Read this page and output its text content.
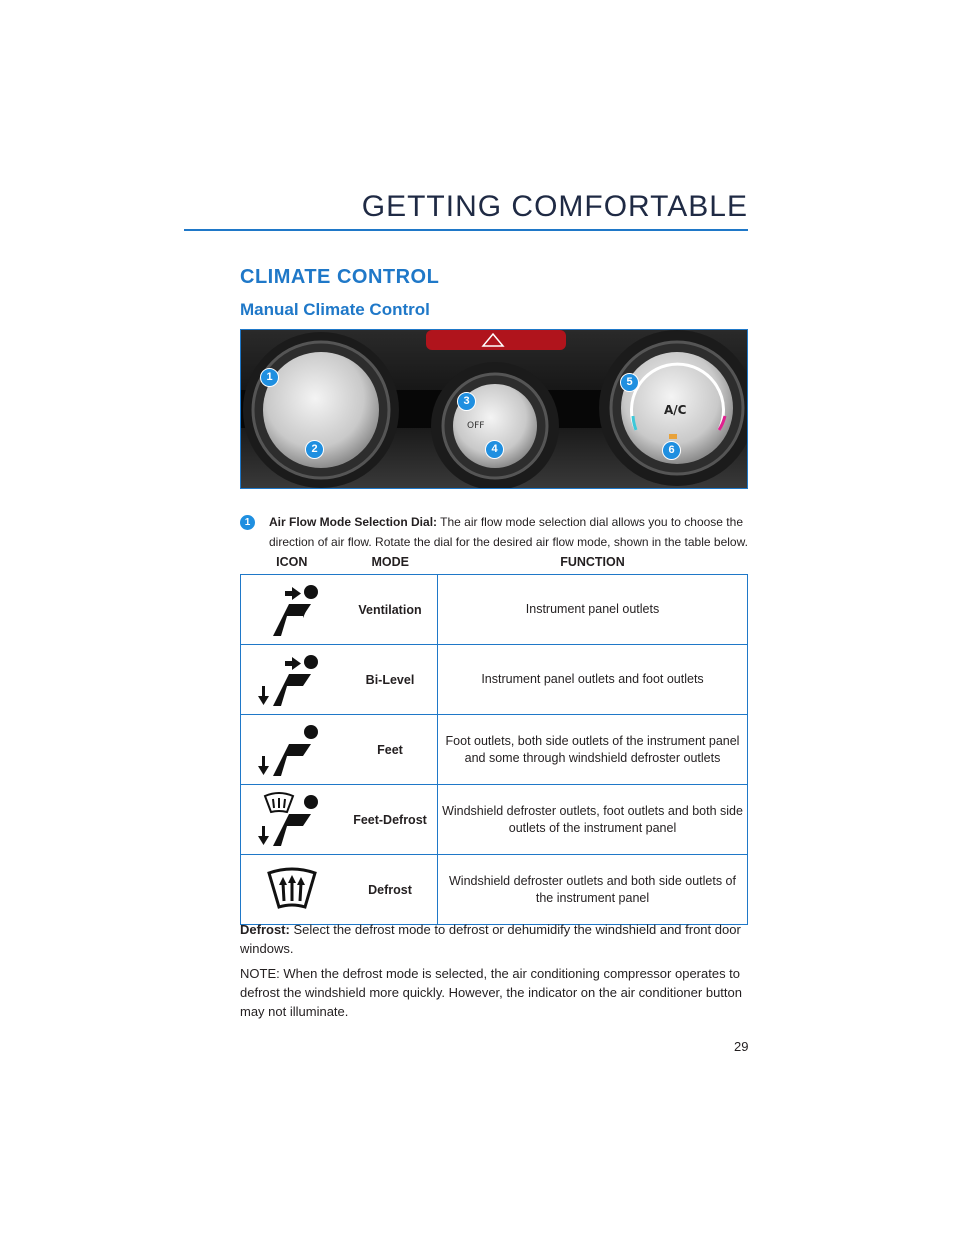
GETTING COMFORTABLE
CLIMATE CONTROL
Manual Climate Control
OFF
A/C
1
2
3
4
5
6
1 Air Flow Mode Selection Dial: The air flow mode selection dial allows you to choose the
direction of air flow. Rotate the dial for the desired air flow mode, shown in the table below.
ICON	MODE	FUNCTION

	Ventilation	Instrument panel outlets

	Bi-Level	Instrument panel outlets and foot outlets

	Feet	Foot outlets, both side outlets of the instrument panel and some through windshield defroster outlets

	Feet-Defrost	Windshield defroster outlets, foot outlets and both side outlets of the instrument panel

	Defrost	Windshield defroster outlets and both side outlets of the instrument panel
Defrost: Select the defrost mode to defrost or dehumidify the windshield and front door windows.
NOTE: When the defrost mode is selected, the air conditioning compressor operates to defrost the windshield more quickly. However, the indicator on the air conditioner button may not illuminate.
29
